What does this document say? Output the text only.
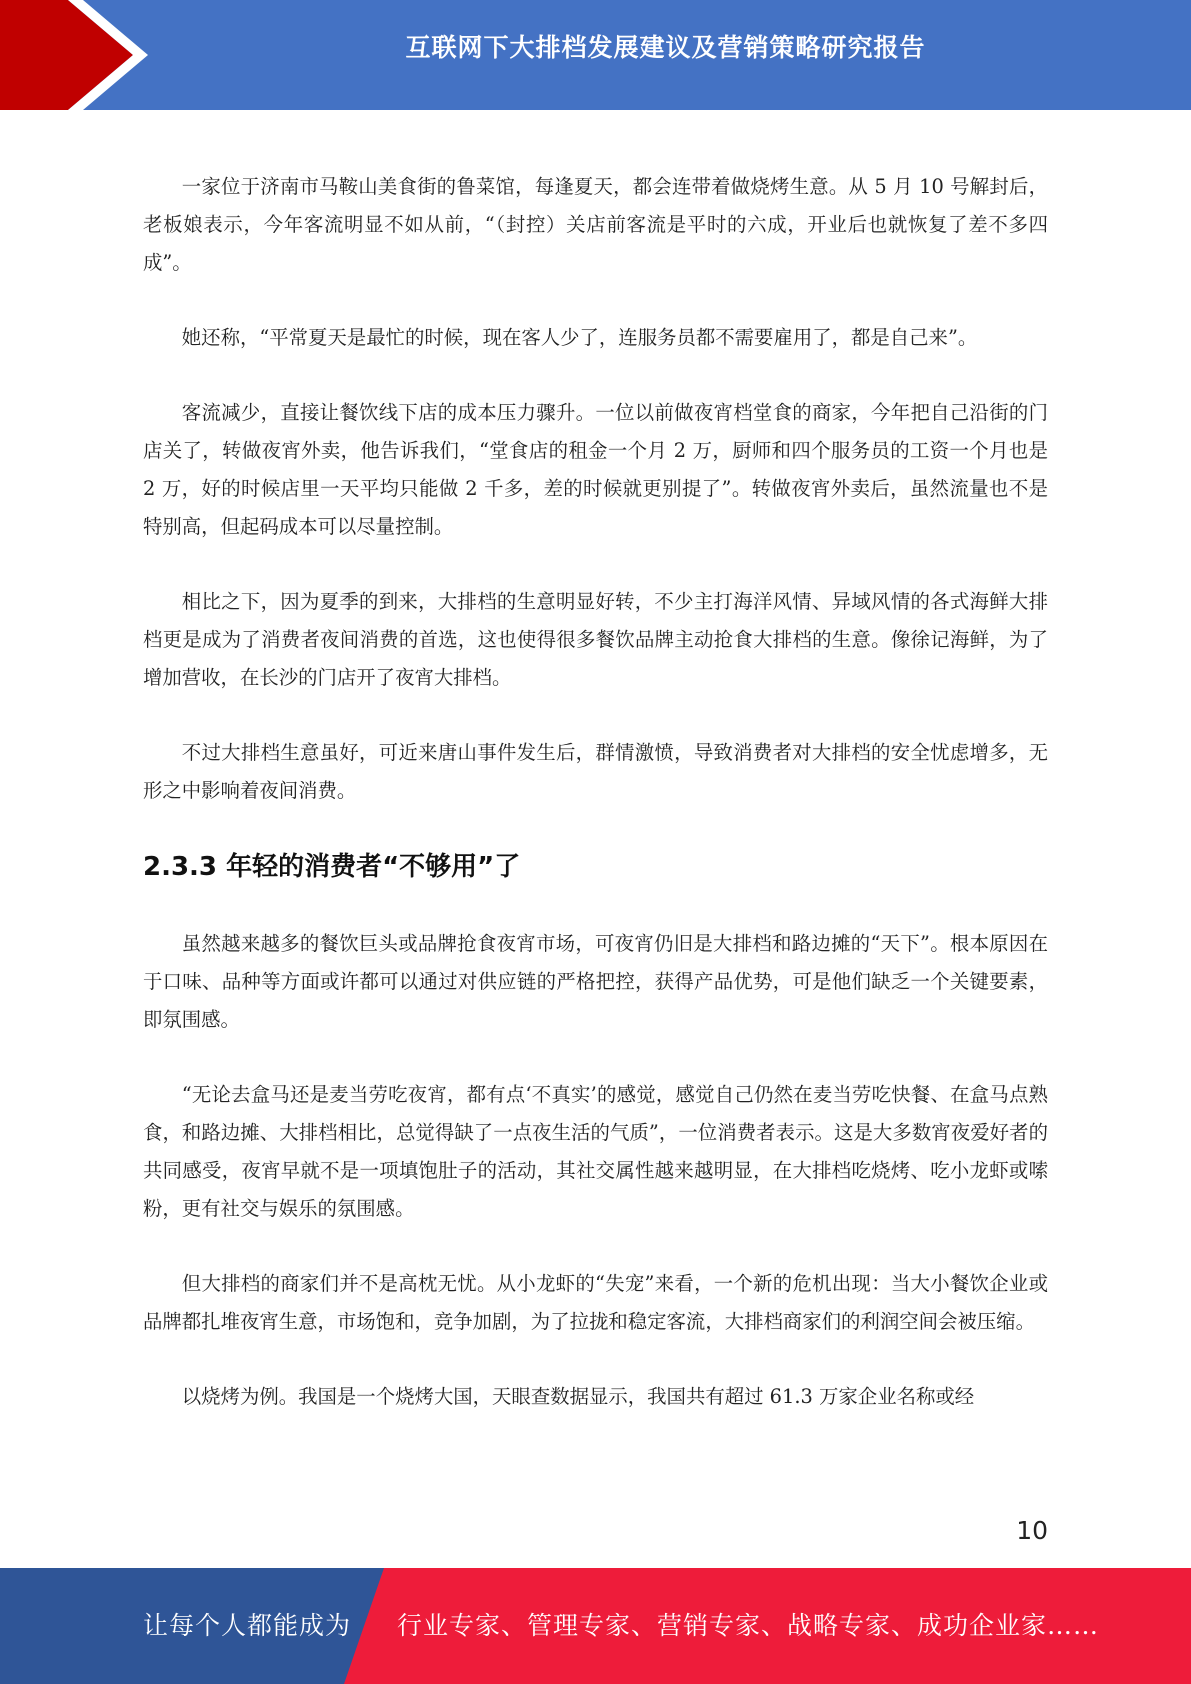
互联网下大排档发展建议及营销策略研究报告

一家位于济南市马鞍山美食街的鲁菜馆，每逢夏天，都会连带着做烧烤生意。从 5 月 10 号解封后，老板娘表示，今年客流明显不如从前，“（封控）关店前客流是平时的六成，开业后也就恢复了差不多四成”。

她还称，“平常夏天是最忙的时候，现在客人少了，连服务员都不需要雇用了，都是自己来”。

客流减少，直接让餐饮线下店的成本压力骤升。一位以前做夜宵档堂食的商家，今年把自己沿街的门店关了，转做夜宵外卖，他告诉我们，“堂食店的租金一个月 2 万，厨师和四个服务员的工资一个月也是 2 万，好的时候店里一天平均只能做 2 千多，差的时候就更别提了”。转做夜宵外卖后，虽然流量也不是特别高，但起码成本可以尽量控制。

相比之下，因为夏季的到来，大排档的生意明显好转，不少主打海洋风情、异域风情的各式海鲜大排档更是成为了消费者夜间消费的首选，这也使得很多餐饮品牌主动抢食大排档的生意。像徐记海鲜，为了增加营收，在长沙的门店开了夜宵大排档。

不过大排档生意虽好，可近来唐山事件发生后，群情激愤，导致消费者对大排档的安全忧虑增多，无形之中影响着夜间消费。

2.3.3 年轻的消费者“不够用”了

虽然越来越多的餐饮巨头或品牌抢食夜宵市场，可夜宵仍旧是大排档和路边摊的“天下”。根本原因在于口味、品种等方面或许都可以通过对供应链的严格把控，获得产品优势，可是他们缺乏一个关键要素，即氛围感。

“无论去盒马还是麦当劳吃夜宵，都有点‘不真实’的感觉，感觉自己仍然在麦当劳吃快餐、在盒马点熟食，和路边摊、大排档相比，总觉得缺了一点夜生活的气质”，一位消费者表示。这是大多数宵夜爱好者的共同感受，夜宵早就不是一项填饱肚子的活动，其社交属性越来越明显，在大排档吃烧烤、吃小龙虾或嗦粉，更有社交与娱乐的氛围感。

但大排档的商家们并不是高枕无忧。从小龙虾的“失宠”来看，一个新的危机出现：当大小餐饮企业或品牌都扎堆夜宵生意，市场饱和，竞争加剧，为了拉拢和稳定客流，大排档商家们的利润空间会被压缩。

以烧烤为例。我国是一个烧烤大国，天眼查数据显示，我国共有超过 61.3 万家企业名称或经

10
让每个人都能成为 行业专家、管理专家、营销专家、战略专家、成功企业家……
